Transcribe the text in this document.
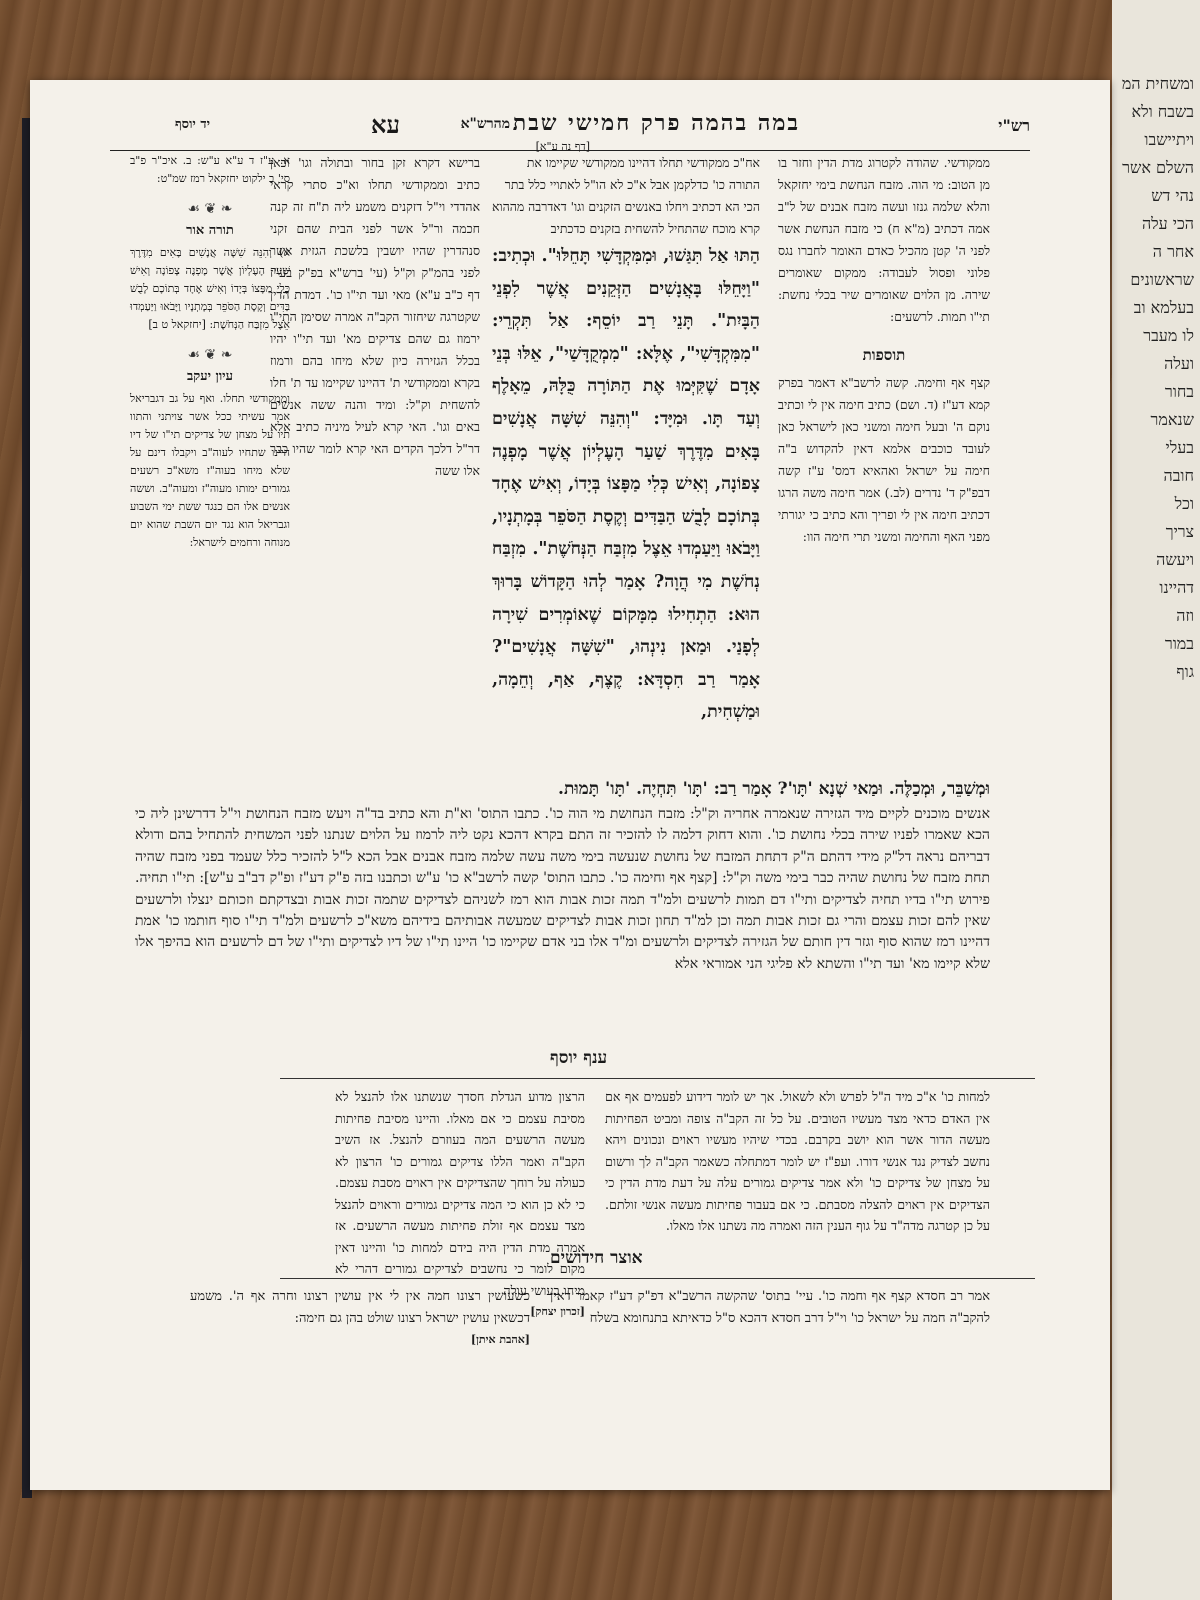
ומשחית המ
בשבח ולא
ויתיישבו
השלם אשר
נהי דש
הכי עלה
אחר ה
שראשונים
בעלמא וב
לו מעבר
ועלה
בחור
שנאמר
בעלי
חובה
וכל
צריך
ויעשה
דהיינו
וזה
במור
גוף
רש"י
במה בהמה פרק חמישי שבת
מהרש"א
עא
יד יוסף
[דף נה ע"א]
ממקודשי. שהודה לקטרוג מדת הדין וחזר בו מן הטוב: מי הוה. מזבח הנחשת בימי יחזקאל והלא שלמה גנזו ועשה מזבח אבנים של ל"ב אמה דכתיב (מ"א ח) כי מזבח הנחשת אשר לפני ה' קטן מהכיל כאדם האומר לחברו נגס פלוני ופסול לעבודה: ממקום שאומרים שירה. מן הלוים שאומרים שיר בכלי נחשת: תי"ו תמות. לרשעים:
תוספות
קצף אף וחימה. קשה לרשב"א דאמר בפרק קמא דע"ז (ד. ושם) כתיב חימה אין לי וכתיב נוקם ה' ובעל חימה ומשני כאן לישראל כאן לעובד כוכבים אלמא דאין להקדוש ב"ה חימה על ישראל ואהאיא דמס' ע"ז קשה דבפ"ק ד' נדרים (לב.) אמר חימה משה הרגו דכתיב חימה אין לי ופריך והא כתיב כי יגורתי מפני האף והחימה ומשני תרי חימה הוו:
אח"כ ממקודשי תחלו דהיינו ממקודשי שקיימו את התורה כו' כדלקמן אבל א"כ לא הו"ל לאתויי כלל בתר הכי הא דכתיב ויחלו באנשים הזקנים וגו' דאדרבה מההוא קרא מוכח שהתחיל להשחית בזקנים כדכתיב
הַתּוּ אַל תִּגַּשׁוּ, וּמִמִּקְדָּשִׁי תָּחֵלּוּ". וּכְתִיב: "וַיָּחֵלּוּ בָּאֲנָשִׁים הַזְּקֵנִים אֲשֶׁר לִפְנֵי הַבָּיִת". תָּנֵי רַב יוֹסֵף: אַל תִּקְרֵי: "מִמִּקְדָּשִׁי", אֶלָּא: "מִמְקֻדָּשַׁי", אֵלּוּ בְּנֵי אָדָם שֶׁקִּיְּמוּ אֶת הַתּוֹרָה כֻּלָּהּ, מֵאָלֶף וְעַד תָּו. וּמִיָּד: "וְהִנֵּה שִׁשָּׁה אֲנָשִׁים בָּאִים מִדֶּרֶךְ שַׁעַר הָעֶלְיוֹן אֲשֶׁר מָפְנֶה צָפוֹנָה, וְאִישׁ כְּלִי מַפָּצוֹ בְּיָדוֹ, וְאִישׁ אֶחָד בְּתוֹכָם לָבֻשׁ הַבַּדִּים וְקֶסֶת הַסֹּפֵר בְּמָתְנָיו, וַיָּבֹאוּ וַיַּעַמְדוּ אֵצֶל מִזְבַּח הַנְּחֹשֶׁת". מִזְבַּח נְחֹשֶׁת מִי הֲוָה? אָמַר לְהוּ הַקָּדוֹשׁ בָּרוּךְ הוּא: הַתְחִילוּ מִמָּקוֹם שֶׁאוֹמְרִים שִׁירָה לְפָנַי. וּמַאן נִינְהוּ, "שִׁשָּׁה אֲנָשִׁים"? אָמַר רַב חִסְדָּא: קֶצֶף, אַף, וְחֵמָה, וּמַשְׁחִית,
ברישא דקרא זקן בחור ובתולה וגו' וכאן כתיב וממקודשי תחלו וא"כ סתרי קראי אהדדי וי"ל דזקנים משמע ליה ת"ח זה קנה חכמה ור"ל אשר לפני הבית שהם זקני סנהדרין שהיו יושבין בלשכת הגזית אשר לפני בהמ"ק וק"ל (עי' ברש"א בפ"ק בע"ז דף כ"ב ע"א) מאי ועד תי"ו כו'. דמדת הדין שקטרגה שיחזור הקב"ה אמרה שסימן התי"ו ירמוז גם שהם צדיקים מא' ועד תי"ו יהיו בכלל הגזירה כיון שלא מיחו בהם ורמוז בקרא וממקודשי ת' דהיינו שקיימו עד ת' חלו להשחית וק"ל: ומיד והנה ששה אנשים באים וגו'. האי קרא לעיל מיניה כתיב אלא דר"ל דלכך הקדים האי קרא לומר שהיו כבר אלו ששה
א. ע"ז ד ע"א ע"ש: ב. איכ"ר פ"ב סי' ב ילקוט יחזקאל רמז שמ"ט:
❧ ❦ ☙
תורה אור
א) וְהִנֵּה שִׁשָּׁה אֲנָשִׁים בָּאִים מִדֶּרֶךְ שַׁעַר הָעֶלְיוֹן אֲשֶׁר מָפְנֶה צָפוֹנָה וְאִישׁ כְּלִי מַפָּצוֹ בְּיָדוֹ וְאִישׁ אֶחָד בְּתוֹכָם לָבֻשׁ בַּדִּים וְקֶסֶת הַסֹּפֵר בְּמָתְנָיו וַיָּבֹאוּ וַיַּעַמְדוּ אֵצֶל מִזְבַּח הַנְּחֹשֶׁת: [יחזקאל ט ב]
❧ ❦ ☙
עיון יעקב
וממקודשי תחלו. ואף על גב דגבריאל אמר עשיתי ככל אשר צויתני והתוו תיו על מצחן של צדיקים תי"ו של דיו היינו שתחיו לעוה"ב ויקבלו דינם על שלא מיחו בעוה"ז משא"כ רשעים גמורים ימותו מעוה"ז ומעוה"ב. וששה אנשים אלו הם כנגד ששת ימי השבוע וגבריאל הוא נגד יום השבת שהוא יום מנוחה ורחמים לישראל:
וּמְשַׁבֵּר, וּמְכַלֶּה. וּמַאי שְׁנָא 'תָּו'? אָמַר רַב: 'תָּו' תִּחְיֶה. 'תָּו' תָּמוּת.
אנשים מוכנים לקיים מיד הגזירה שנאמרה אחריה וק"ל: מזבח הנחושת מי הוה כו'. כתבו התוס' וא"ת והא כתיב בד"ה ויעש מזבח הנחושת וי"ל דדרשינן ליה כי הכא שאמרו לפניו שירה בכלי נחושת כו'. והוא דחוק דלמה לו להזכיר זה התם בקרא דהכא נקט ליה לרמוז על הלוים שנתנו לפני המשחית להתחיל בהם ודולא דבריהם נראה דל"ק מידי דהתם ה"ק דתחת המזבח של נחושת שנעשה בימי משה עשה שלמה מזבח אבנים אבל הכא ל"ל להזכיר כלל שעמד בפני מזבח שהיה תחת מזבח של נחושת שהיה כבר בימי משה וק"ל: [קצף אף וחימה כו'. כתבו התוס' קשה לרשב"א כו' ע"ש וכתבנו בזה פ"ק דע"ז ופ"ק דב"ב ע"ש]: תי"ו תחיה. פירוש תי"ו בדיו תחיה לצדיקים ותי"ו דם תמות לרשעים ולמ"ד תמה זכות אבות הוא רמז לשניהם לצדיקים שתמה זכות אבות ובצדקתם וזכותם ינצלו ולרשעים שאין להם זכות עצמם והרי גם זכות אבות תמה וכן למ"ד תחון זכות אבות לצדיקים שמעשה אבותיהם בידיהם משא"כ לרשעים ולמ"ד תי"ו סוף חותמו כו' אמת דהיינו רמז שהוא סוף וגזר דין חותם של הגזירה לצדיקים ולרשעים ומ"ד אלו בני אדם שקיימו כו' היינו תי"ו של דיו לצדיקים ותי"ו של דם לרשעים הוא בהיפך אלו שלא קיימו מא' ועד תי"ו והשתא לא פליגי הני אמוראי אלא
ענף יוסף
למחות כו' א"כ מיד ה"ל לפרש ולא לשאול. אך יש לומר דידוע לפעמים אף אם אין האדם כדאי מצד מעשיו הטובים. על כל זה הקב"ה צופה ומביט הפחיתות מעשה הדור אשר הוא יושב בקרבם. בכדי שיהיו מעשיו ראוים ונכונים ויהא נחשב לצדיק נגד אנשי דורו. ועפ"ז יש לומר דמתחלה כשאמר הקב"ה לך ורשום על מצחן של צדיקים כו' ולא אמר צדיקים גמורים עלה על דעת מדת הדין כי הצדיקים אין ראוים להצלה מסבתם. כי אם בעבור פחיתות מעשה אנשי זולתם. על כן קטרגה מדה"ד על גוף הענין הזה ואמרה מה נשתנו אלו מאלו.
הרצון מדוע הגדלת חסדך שנשתנו אלו להנצל לא מסיבת עצמם כי אם מאלו. והיינו מסיבת פחיתות מעשה הרשעים המה בעוזרם להנצל. אז השיב הקב"ה ואמר הללו צדיקים גמורים כו' הרצון לא כעולה על רוחך שהצדיקים אין ראוים מסבת עצמם. כי לא כן הוא כי המה צדיקים גמורים וראוים להנצל מצד עצמם אף זולת פחיתות מעשה הרשעים. אז אמרה מדת הדין היה בידם למחות כו' והיינו דאין מקום לומר כי נחשבים לצדיקים גמורים דהרי לא מיחו בעושי עולה
[זכרון יצחק]
אוצר חידושים
אמר רב חסדא קצף אף וחמה כו'. עיי' בתוס' שהקשה הרשב"א דפ"ק דע"ז קאמר דאין להקב"ה חמה על ישראל כו' וי"ל דרב חסדא דהכא ס"ל כדאיתא בתנחומא בשלח
כשעושין רצונו חמה אין לי אין עושין רצונו וחרה אף ה'. משמע דכשאין עושין ישראל רצונו שולט בהן גם חימה:
[אהבת איתן]
